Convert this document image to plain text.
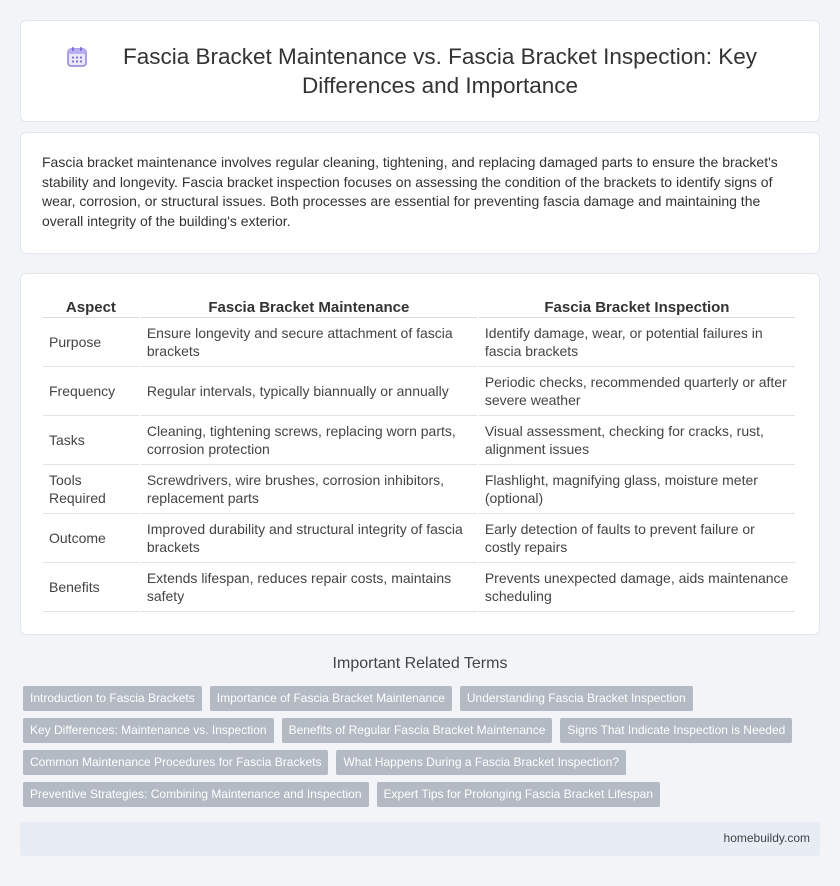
Fascia Bracket Maintenance vs. Fascia Bracket Inspection: Key Differences and Importance

Fascia bracket maintenance involves regular cleaning, tightening, and replacing damaged parts to ensure the bracket's stability and longevity. Fascia bracket inspection focuses on assessing the condition of the brackets to identify signs of wear, corrosion, or structural issues. Both processes are essential for preventing fascia damage and maintaining the overall integrity of the building's exterior.

Aspect	Fascia Bracket Maintenance	Fascia Bracket Inspection
Purpose	Ensure longevity and secure attachment of fascia brackets	Identify damage, wear, or potential failures in fascia brackets
Frequency	Regular intervals, typically biannually or annually	Periodic checks, recommended quarterly or after severe weather
Tasks	Cleaning, tightening screws, replacing worn parts, corrosion protection	Visual assessment, checking for cracks, rust, alignment issues
Tools Required	Screwdrivers, wire brushes, corrosion inhibitors, replacement parts	Flashlight, magnifying glass, moisture meter (optional)
Outcome	Improved durability and structural integrity of fascia brackets	Early detection of faults to prevent failure or costly repairs
Benefits	Extends lifespan, reduces repair costs, maintains safety	Prevents unexpected damage, aids maintenance scheduling
Important Related Terms
Introduction to Fascia Brackets	Importance of Fascia Bracket Maintenance	Understanding Fascia Bracket Inspection
Key Differences: Maintenance vs. Inspection	Benefits of Regular Fascia Bracket Maintenance	Signs That Indicate Inspection is Needed
Common Maintenance Procedures for Fascia Brackets	What Happens During a Fascia Bracket Inspection?
Preventive Strategies: Combining Maintenance and Inspection	Expert Tips for Prolonging Fascia Bracket Lifespan
homebuildy.com
